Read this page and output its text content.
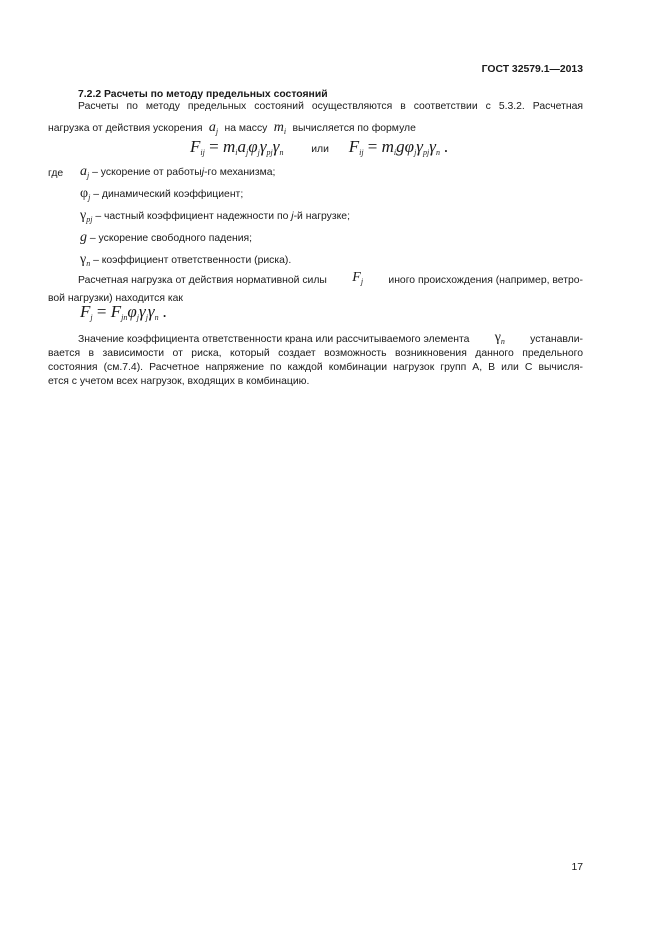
ГОСТ 32579.1—2013
7.2.2 Расчеты по методу предельных состояний
Расчеты по методу предельных состояний осуществляются в соответствии с 5.3.2. Расчетная
нагрузка от действия ускорения  $a_j$ на массу  $m_i$ вычисляется по формуле
$F_{ij} = m_ia_j\varphi_j\gamma_{pj}\gamma_n$	или $F_{ij} = m_ig\varphi_j\gamma_{pj}\gamma_n$ .
где $a_j$ – ускорение от работыj-го механизма;
$\varphi_j$ – динамический коэффициент;
$\gamma_{pj}$ – частный коэффициент надежности по j-й нагрузке;
g – ускорение свободного падения;
$\gamma_n$ – коэффициент ответственности (риска).
Расчетная нагрузка от действия нормативной силы $F_j$ иного происхождения (например, ветро-
вой нагрузки) находится как
$F_j = F_{jn}\varphi_j\gamma_j\gamma_n$ .
Значение коэффициента ответственности крана или рассчитываемого элемента $\gamma_n$ устанавли-
вается в зависимости от риска, который создает возможность возникновения данного предельного
состояния (см.7.4). Расчетное напряжение по каждой комбинации нагрузок групп А, В или С вычисля-
ется с учетом всех нагрузок, входящих в комбинацию.
17
